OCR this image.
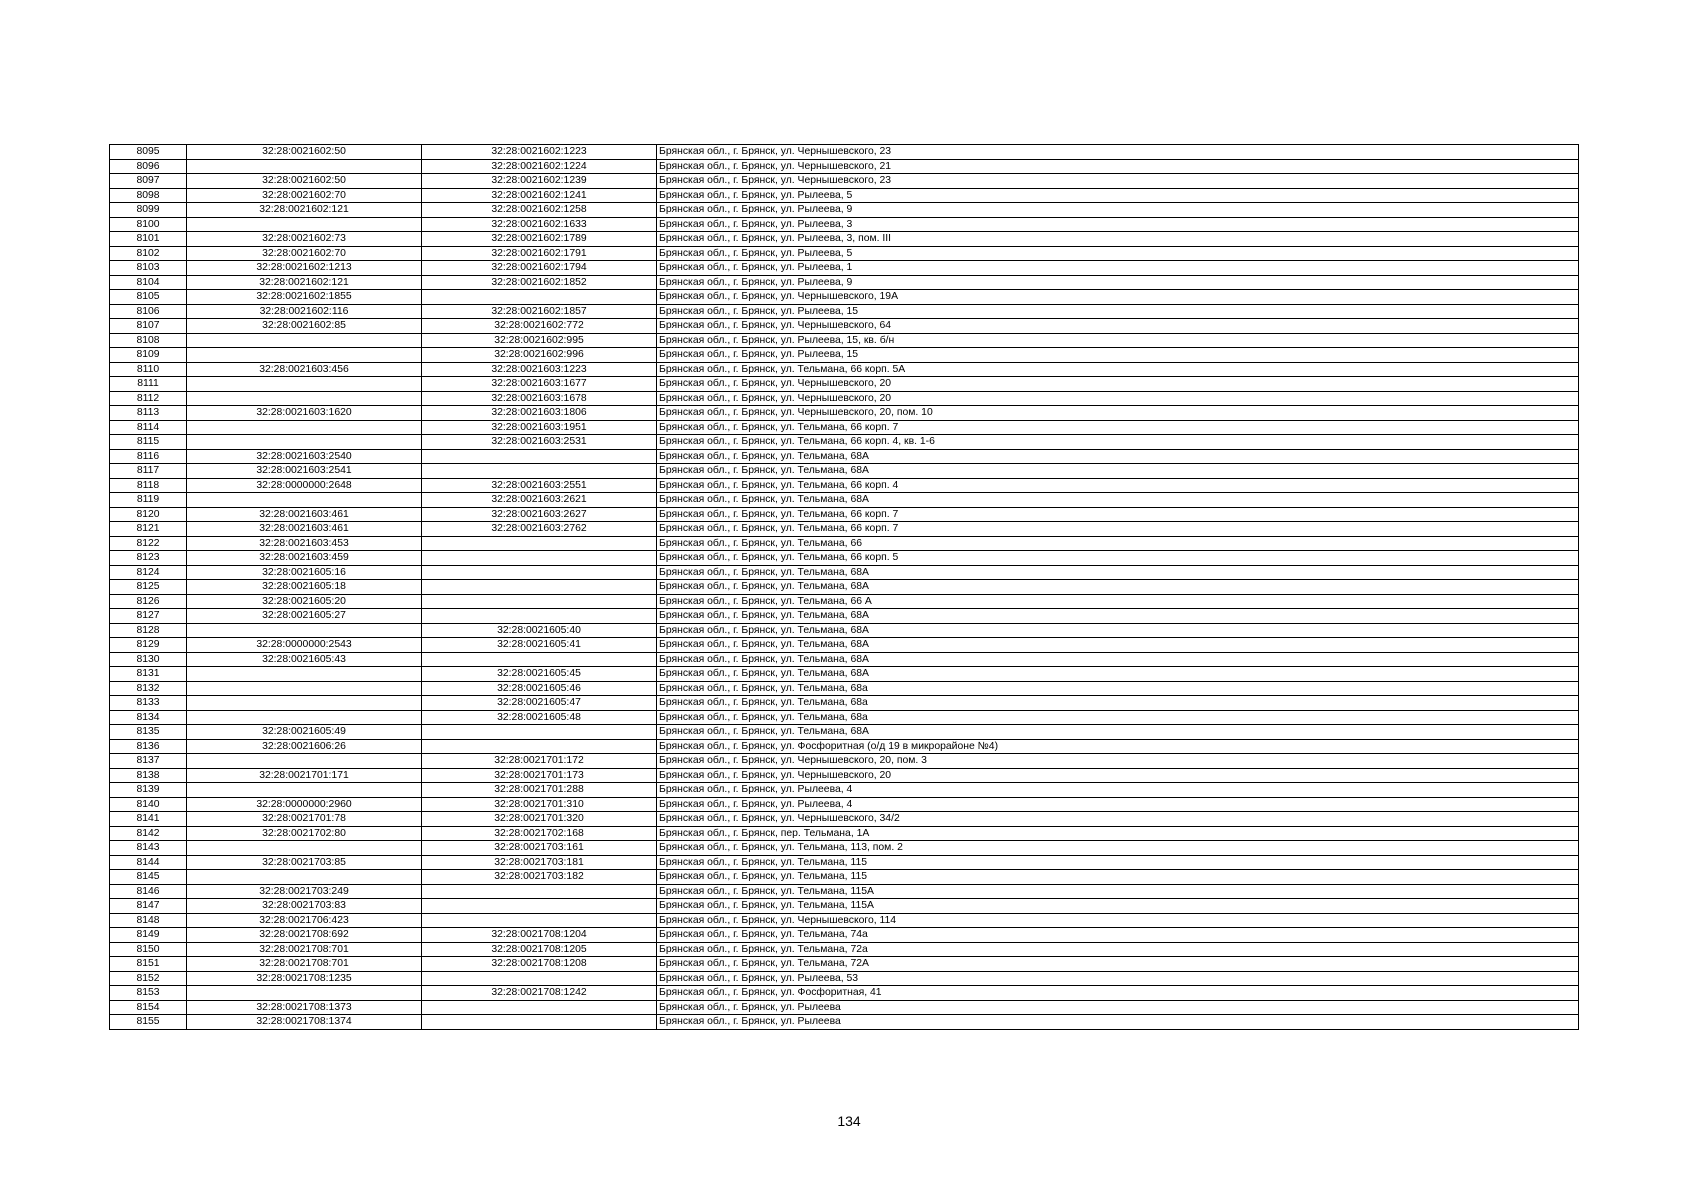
8095	32:28:0021602:50	32:28:0021602:1223	Брянская обл., г. Брянск, ул. Чернышевского, 23
8096		32:28:0021602:1224	Брянская обл., г. Брянск, ул. Чернышевского, 21
8097	32:28:0021602:50	32:28:0021602:1239	Брянская обл., г. Брянск, ул. Чернышевского, 23
8098	32:28:0021602:70	32:28:0021602:1241	Брянская обл., г. Брянск, ул. Рылеева, 5
8099	32:28:0021602:121	32:28:0021602:1258	Брянская обл., г. Брянск, ул. Рылеева, 9
8100		32:28:0021602:1633	Брянская обл., г. Брянск, ул. Рылеева, 3
8101	32:28:0021602:73	32:28:0021602:1789	Брянская обл., г. Брянск, ул. Рылеева, 3, пом. III
8102	32:28:0021602:70	32:28:0021602:1791	Брянская обл., г. Брянск, ул. Рылеева, 5
8103	32:28:0021602:1213	32:28:0021602:1794	Брянская обл., г. Брянск, ул. Рылеева, 1
8104	32:28:0021602:121	32:28:0021602:1852	Брянская обл., г. Брянск, ул. Рылеева, 9
8105	32:28:0021602:1855		Брянская обл., г. Брянск, ул. Чернышевского, 19А
8106	32:28:0021602:116	32:28:0021602:1857	Брянская обл., г. Брянск, ул. Рылеева, 15
8107	32:28:0021602:85	32:28:0021602:772	Брянская обл., г. Брянск, ул. Чернышевского, 64
8108		32:28:0021602:995	Брянская обл., г. Брянск, ул. Рылеева, 15, кв. б/н
8109		32:28:0021602:996	Брянская обл., г. Брянск, ул. Рылеева, 15
8110	32:28:0021603:456	32:28:0021603:1223	Брянская обл., г. Брянск, ул. Тельмана, 66 корп. 5А
8111		32:28:0021603:1677	Брянская обл., г. Брянск, ул. Чернышевского, 20
8112		32:28:0021603:1678	Брянская обл., г. Брянск, ул. Чернышевского, 20
8113	32:28:0021603:1620	32:28:0021603:1806	Брянская обл., г. Брянск, ул. Чернышевского, 20, пом. 10
8114		32:28:0021603:1951	Брянская обл., г. Брянск, ул. Тельмана, 66 корп. 7
8115		32:28:0021603:2531	Брянская обл., г. Брянск, ул. Тельмана, 66 корп. 4, кв. 1-6
8116	32:28:0021603:2540		Брянская обл., г. Брянск, ул. Тельмана, 68А
8117	32:28:0021603:2541		Брянская обл., г. Брянск, ул. Тельмана, 68А
8118	32:28:0000000:2648	32:28:0021603:2551	Брянская обл., г. Брянск, ул. Тельмана, 66 корп. 4
8119		32:28:0021603:2621	Брянская обл., г. Брянск, ул. Тельмана, 68А
8120	32:28:0021603:461	32:28:0021603:2627	Брянская обл., г. Брянск, ул. Тельмана, 66 корп. 7
8121	32:28:0021603:461	32:28:0021603:2762	Брянская обл., г. Брянск, ул. Тельмана, 66 корп. 7
8122	32:28:0021603:453		Брянская обл., г. Брянск, ул. Тельмана, 66
8123	32:28:0021603:459		Брянская обл., г. Брянск, ул. Тельмана, 66 корп. 5
8124	32:28:0021605:16		Брянская обл., г. Брянск, ул. Тельмана, 68А
8125	32:28:0021605:18		Брянская обл., г. Брянск, ул. Тельмана, 68А
8126	32:28:0021605:20		Брянская обл., г. Брянск, ул. Тельмана, 66 А
8127	32:28:0021605:27		Брянская обл., г. Брянск, ул. Тельмана, 68А
8128		32:28:0021605:40	Брянская обл., г. Брянск, ул. Тельмана, 68А
8129	32:28:0000000:2543	32:28:0021605:41	Брянская обл., г. Брянск, ул. Тельмана, 68А
8130	32:28:0021605:43		Брянская обл., г. Брянск, ул. Тельмана, 68А
8131		32:28:0021605:45	Брянская обл., г. Брянск, ул. Тельмана, 68А
8132		32:28:0021605:46	Брянская обл., г. Брянск, ул. Тельмана, 68а
8133		32:28:0021605:47	Брянская обл., г. Брянск, ул. Тельмана, 68а
8134		32:28:0021605:48	Брянская обл., г. Брянск, ул. Тельмана, 68а
8135	32:28:0021605:49		Брянская обл., г. Брянск, ул. Тельмана, 68А
8136	32:28:0021606:26		Брянская обл., г. Брянск, ул. Фосфоритная (о/д 19 в микрорайоне №4)
8137		32:28:0021701:172	Брянская обл., г. Брянск, ул. Чернышевского, 20, пом. 3
8138	32:28:0021701:171	32:28:0021701:173	Брянская обл., г. Брянск, ул. Чернышевского, 20
8139		32:28:0021701:288	Брянская обл., г. Брянск, ул. Рылеева, 4
8140	32:28:0000000:2960	32:28:0021701:310	Брянская обл., г. Брянск, ул. Рылеева, 4
8141	32:28:0021701:78	32:28:0021701:320	Брянская обл., г. Брянск, ул. Чернышевского, 34/2
8142	32:28:0021702:80	32:28:0021702:168	Брянская обл., г. Брянск, пер. Тельмана, 1А
8143		32:28:0021703:161	Брянская обл., г. Брянск, ул. Тельмана, 113, пом. 2
8144	32:28:0021703:85	32:28:0021703:181	Брянская обл., г. Брянск, ул. Тельмана, 115
8145		32:28:0021703:182	Брянская обл., г. Брянск, ул. Тельмана, 115
8146	32:28:0021703:249		Брянская обл., г. Брянск, ул. Тельмана, 115А
8147	32:28:0021703:83		Брянская обл., г. Брянск, ул. Тельмана, 115А
8148	32:28:0021706:423		Брянская обл., г. Брянск, ул. Чернышевского, 114
8149	32:28:0021708:692	32:28:0021708:1204	Брянская обл., г. Брянск, ул. Тельмана, 74а
8150	32:28:0021708:701	32:28:0021708:1205	Брянская обл., г. Брянск, ул. Тельмана, 72а
8151	32:28:0021708:701	32:28:0021708:1208	Брянская обл., г. Брянск, ул. Тельмана, 72А
8152	32:28:0021708:1235		Брянская обл., г. Брянск, ул. Рылеева, 53
8153		32:28:0021708:1242	Брянская обл., г. Брянск, ул. Фосфоритная, 41
8154	32:28:0021708:1373		Брянская обл., г. Брянск, ул. Рылеева
8155	32:28:0021708:1374		Брянская обл., г. Брянск, ул. Рылеева
134
